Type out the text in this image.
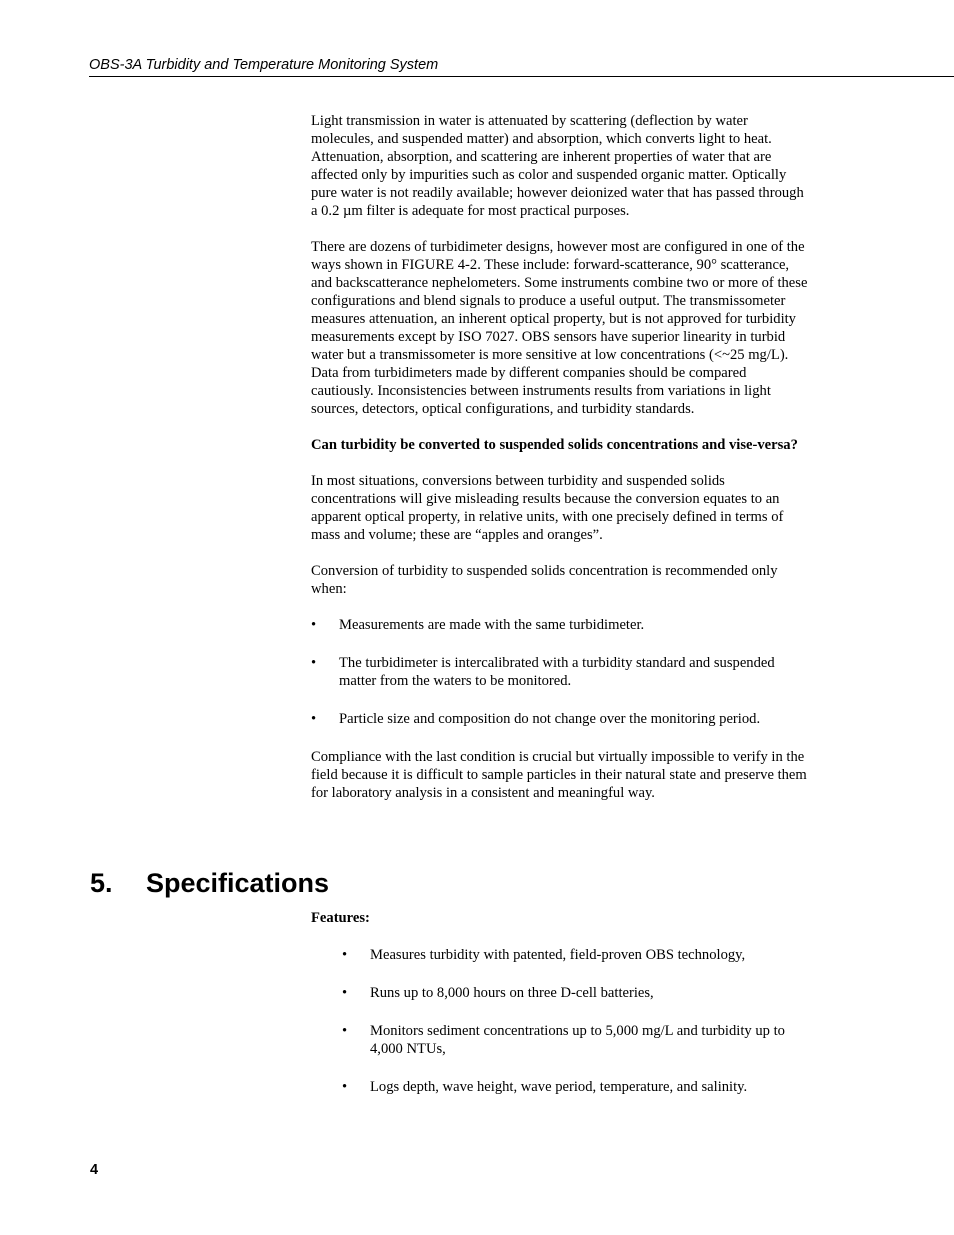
OBS-3A Turbidity and Temperature Monitoring System

Light transmission in water is attenuated by scattering (deflection by water molecules, and suspended matter) and absorption, which converts light to heat. Attenuation, absorption, and scattering are inherent properties of water that are affected only by impurities such as color and suspended organic matter. Optically pure water is not readily available; however deionized water that has passed through a 0.2 µm filter is adequate for most practical purposes.

There are dozens of turbidimeter designs, however most are configured in one of the ways shown in FIGURE 4-2. These include: forward-scatterance, 90° scatterance, and backscatterance nephelometers. Some instruments combine two or more of these configurations and blend signals to produce a useful output. The transmissometer measures attenuation, an inherent optical property, but is not approved for turbidity measurements except by ISO 7027. OBS sensors have superior linearity in turbid water but a transmissometer is more sensitive at low concentrations (<~25 mg/L). Data from turbidimeters made by different companies should be compared cautiously. Inconsistencies between instruments results from variations in light sources, detectors, optical configurations, and turbidity standards.

Can turbidity be converted to suspended solids concentrations and vise-versa?

In most situations, conversions between turbidity and suspended solids concentrations will give misleading results because the conversion equates to an apparent optical property, in relative units, with one precisely defined in terms of mass and volume; these are “apples and oranges”.

Conversion of turbidity to suspended solids concentration is recommended only when:

• Measurements are made with the same turbidimeter.
• The turbidimeter is intercalibrated with a turbidity standard and suspended matter from the waters to be monitored.
• Particle size and composition do not change over the monitoring period.

Compliance with the last condition is crucial but virtually impossible to verify in the field because it is difficult to sample particles in their natural state and preserve them for laboratory analysis in a consistent and meaningful way.

5. Specifications

Features:

• Measures turbidity with patented, field-proven OBS technology,
• Runs up to 8,000 hours on three D-cell batteries,
• Monitors sediment concentrations up to 5,000 mg/L and turbidity up to 4,000 NTUs,
• Logs depth, wave height, wave period, temperature, and salinity.
4
